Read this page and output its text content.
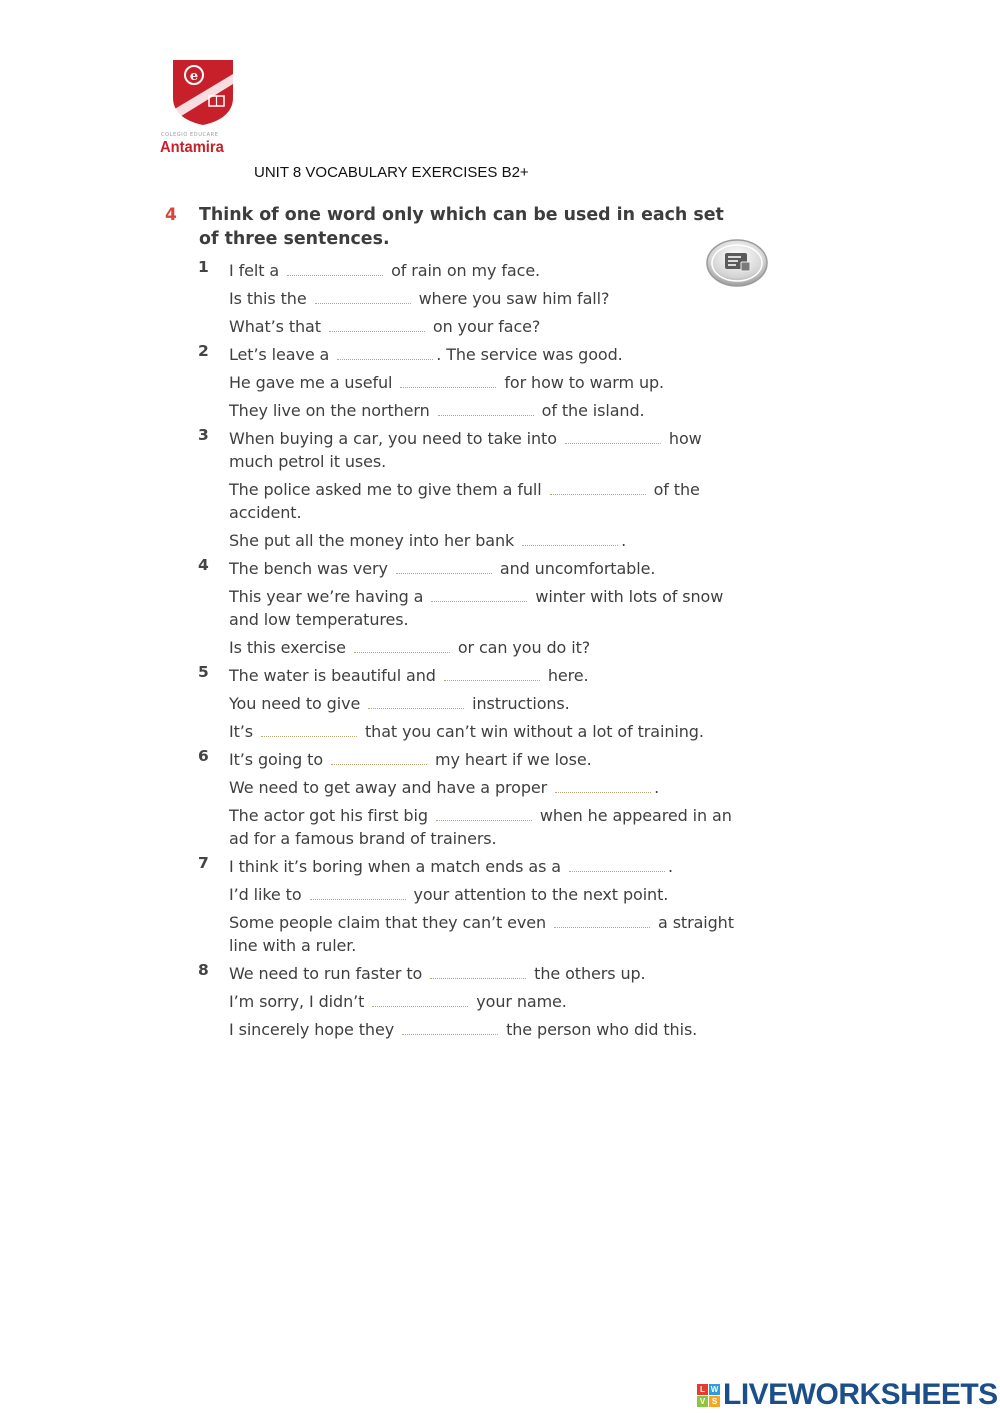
e
COLEGIO EDUCARE
Antamira
UNIT 8 VOCABULARY EXERCISES B2+
4 Think of one word only which can be used in each set of three sentences.
1 I felt a	of rain on my face.
Is this the	where you saw him fall?
What’s that	on your face?
2 Let’s leave a	. The service was good.
He gave me a useful	for how to warm up.
They live on the northern	of the island.
3 When buying a car, you need to take into	how much petrol it uses.
The police asked me to give them a full	of the accident.
She put all the money into her bank	.
4 The bench was very	and uncomfortable.
This year we’re having a	winter with lots of snow and low temperatures.
Is this exercise	or can you do it?
5 The water is beautiful and	here.
You need to give	instructions.
It’s	that you can’t win without a lot of training.
6 It’s going to	my heart if we lose.
We need to get away and have a proper	.
The actor got his first big	when he appeared in an ad for a famous brand of trainers.
7 I think it’s boring when a match ends as a	.
I’d like to	your attention to the next point.
Some people claim that they can’t even	a straight line with a ruler.
8 We need to run faster to	the others up.
I’m sorry, I didn’t	your name.
I sincerely hope they	the person who did this.
L W
V S LIVEWORKSHEETS
